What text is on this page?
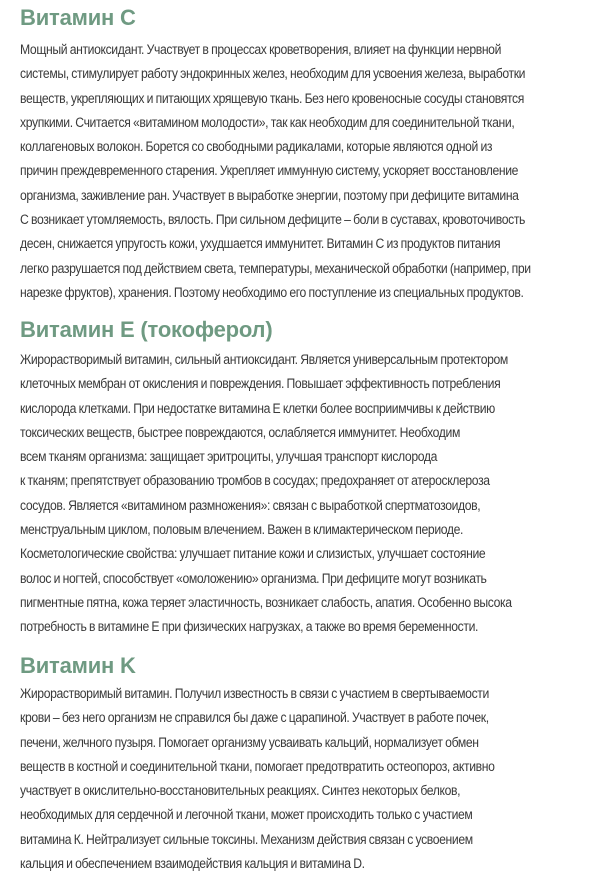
Витамин C
Мощный антиоксидант. Участвует в процессах кроветворения, влияет на функции нервной
системы, стимулирует работу эндокринных желез, необходим для усвоения железа, выработки
веществ, укрепляющих и питающих хрящевую ткань. Без него кровеносные сосуды становятся
хрупкими. Считается «витамином молодости», так как необходим для соединительной ткани,
коллагеновых волокон. Борется со свободными радикалами, которые являются одной из
причин преждевременного старения. Укрепляет иммунную систему, ускоряет восстановление
организма, заживление ран. Участвует в выработке энергии, поэтому при дефиците витамина
С возникает утомляемость, вялость. При сильном дефиците – боли в суставах, кровоточивость
десен, снижается упругость кожи, ухудшается иммунитет. Витамин С из продуктов питания
легко разрушается под действием света, температуры, механической обработки (например, при
нарезке фруктов), хранения. Поэтому необходимо его поступление из специальных продуктов.
Витамин Е (токоферол)
Жирорастворимый витамин, сильный антиоксидант. Является универсальным протектором
клеточных мембран от окисления и повреждения. Повышает эффективность потребления
кислорода клетками. При недостатке витамина Е клетки более восприимчивы к действию
токсических веществ, быстрее повреждаются, ослабляется иммунитет. Необходим
всем тканям организма: защищает эритроциты, улучшая транспорт кислорода
к тканям; препятствует образованию тромбов в сосудах; предохраняет от атеросклероза
сосудов. Является «витамином размножения»: связан с выработкой спертматозоидов,
менструальным циклом, половым влечением. Важен в климактерическом периоде.
Косметологические свойства: улучшает питание кожи и слизистых, улучшает состояние
волос и ногтей, способствует «омоложению» организма. При дефиците могут возникать
пигментные пятна, кожа теряет эластичность, возникает слабость, апатия. Особенно высока
потребность в витамине Е при физических нагрузках, а также во время беременности.
Витамин K
Жирорастворимый витамин. Получил известность в связи с участием в свертываемости
крови – без него организм не справился бы даже с царапиной. Участвует в работе почек,
печени, желчного пузыря. Помогает организму усваивать кальций, нормализует обмен
веществ в костной и соединительной ткани, помогает предотвратить остеопороз, активно
участвует в окислительно-восстановительных реакциях. Синтез некоторых белков,
необходимых для сердечной и легочной ткани, может происходить только с участием
витамина К. Нейтрализует сильные токсины. Механизм действия связан с усвоением
кальция и обеспечением взаимодействия кальция и витамина D.
